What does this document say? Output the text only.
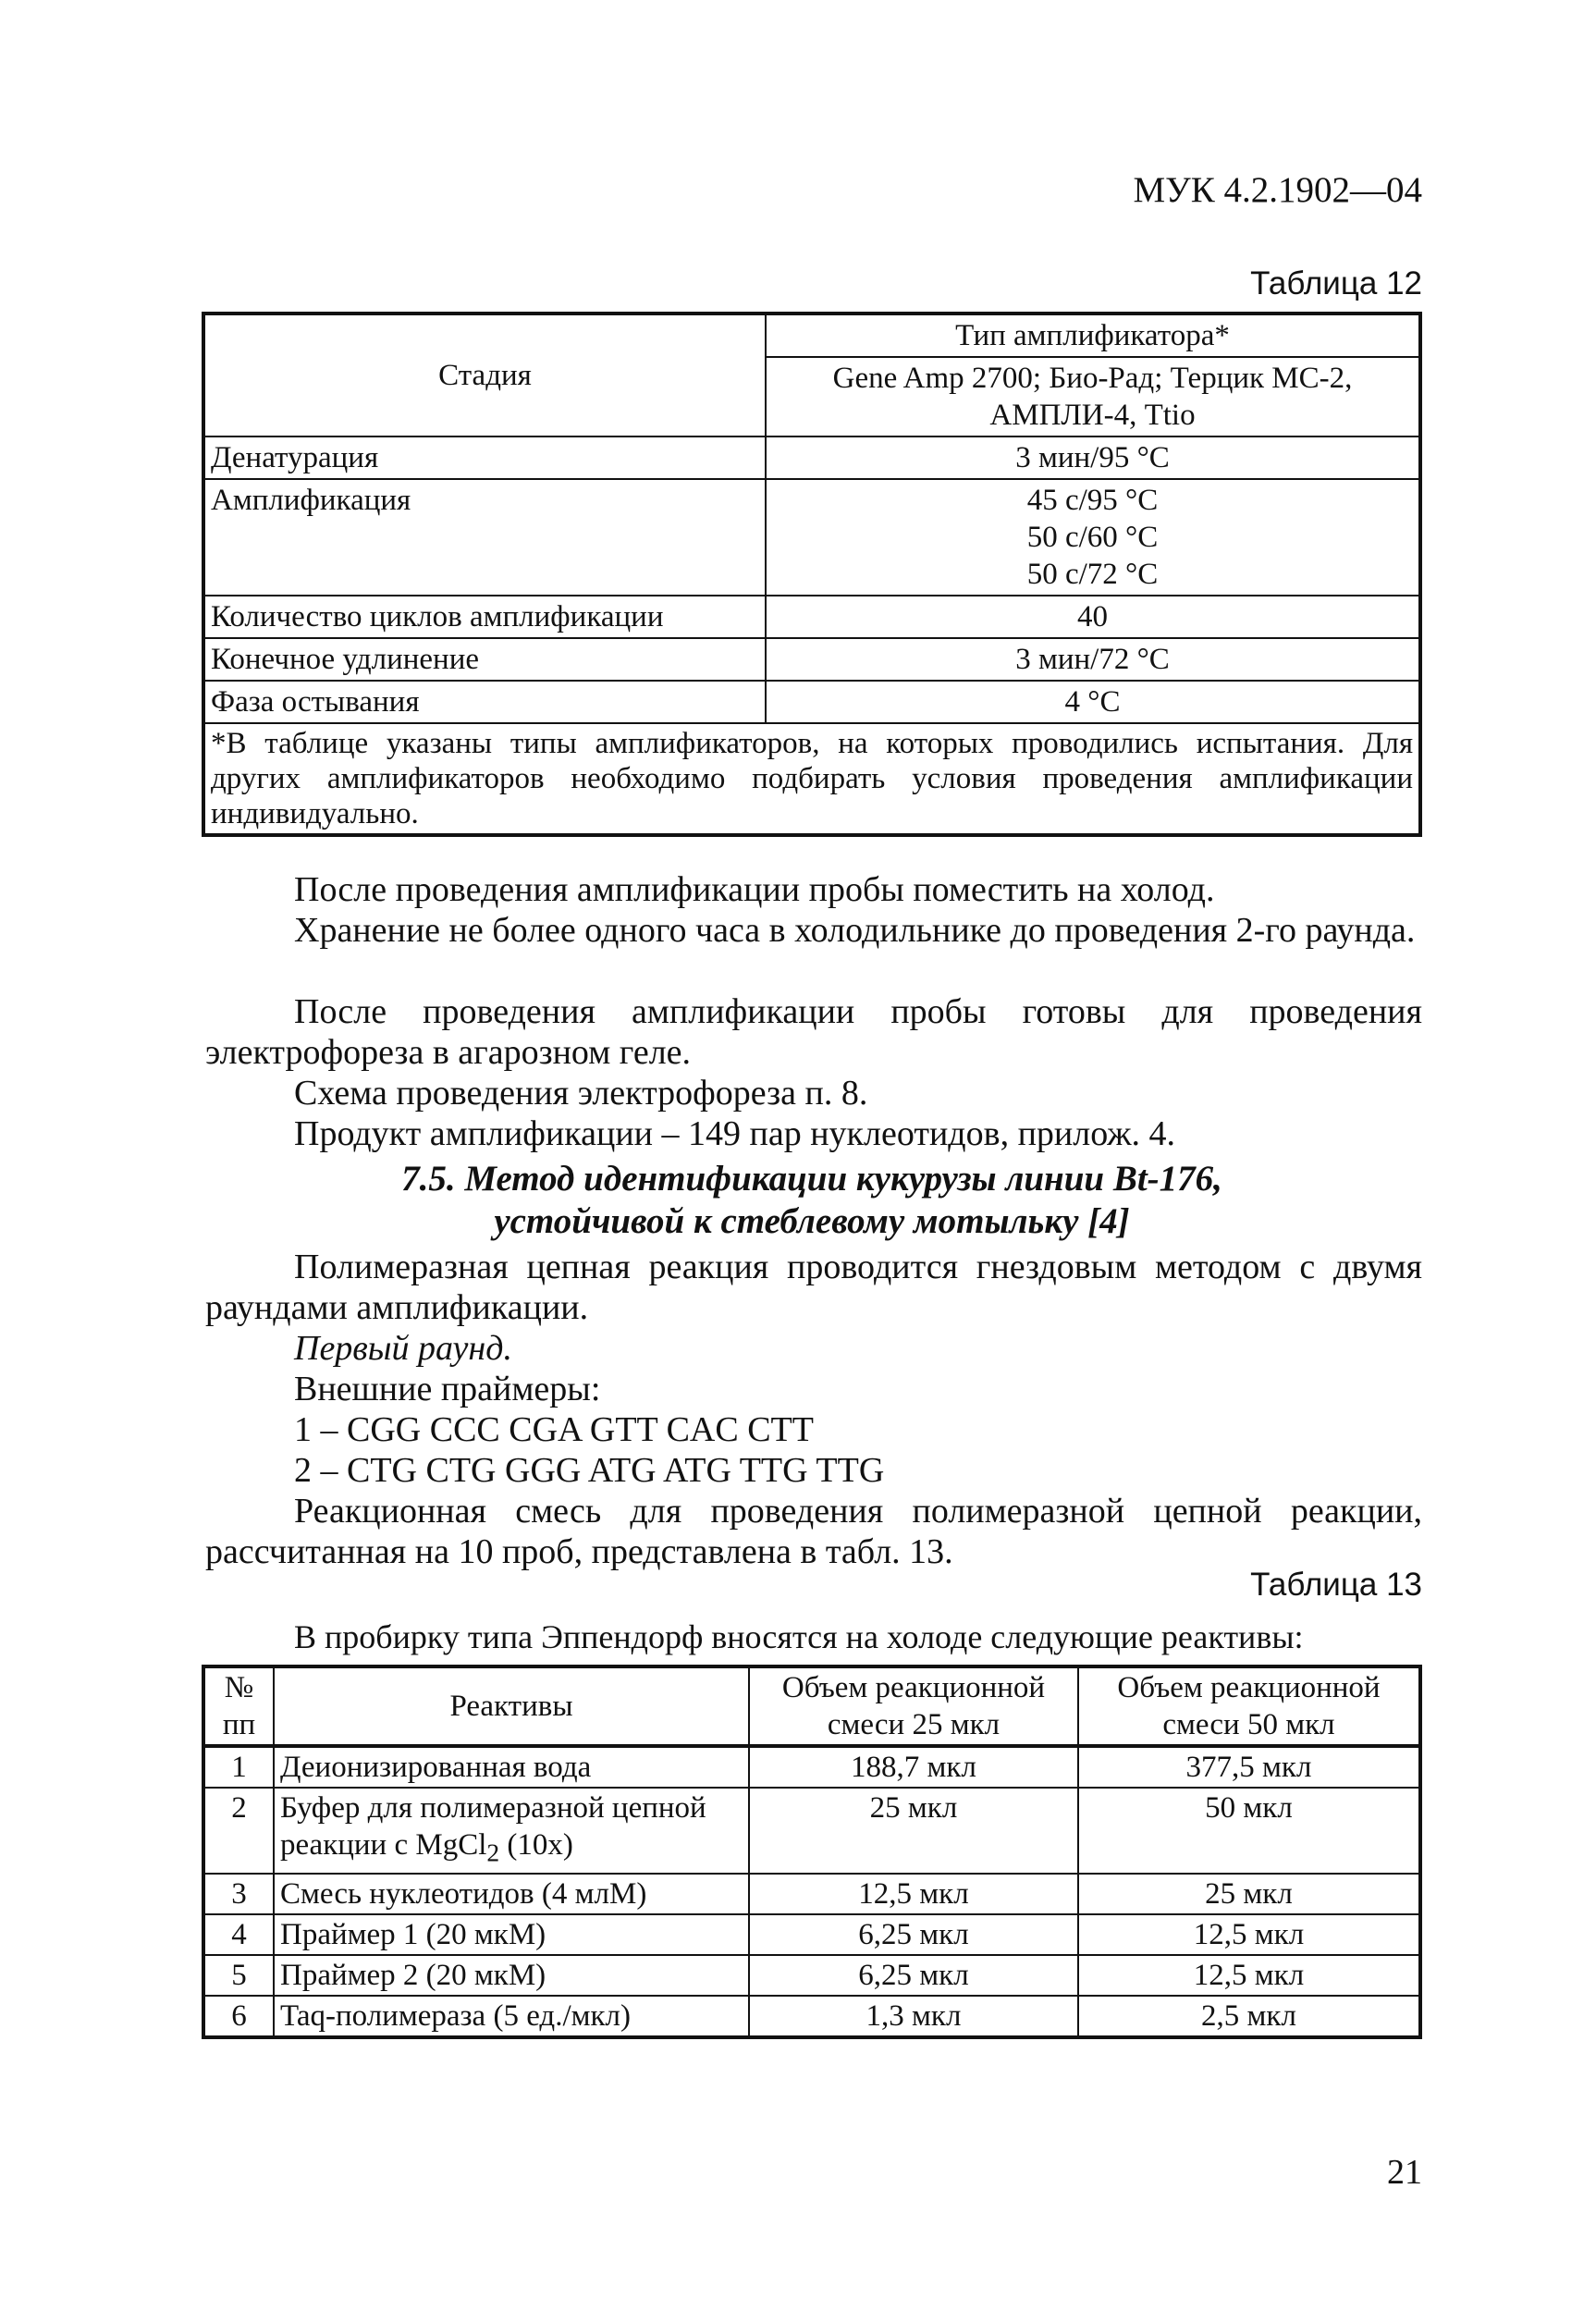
МУК 4.2.1902—04
Таблица 12
Стадия	Тип амплификатора*
	Gene Amp 2700; Био-Рад; Терцик МС-2, АМПЛИ-4, Ttio
Денатурация	3 мин/95 °С
Амплификация	45 с/95 °С
50 с/60 °С
50 с/72 °С

Количество циклов амплификации	40
Конечное удлинение	3 мин/72 °С
Фаза остывания	4 °С
*В таблице указаны типы амплификаторов, на которых проводились испытания. Для других амплификаторов необходимо подбирать условия проведения амплификации индивидуально.	
После проведения амплификации пробы поместить на холод.
Хранение не более одного часа в холодильнике до проведения 2-го раунда.
После проведения амплификации пробы готовы для проведения электрофореза в агарозном геле.
Схема проведения электрофореза п. 8.
Продукт амплификации – 149 пар нуклеотидов, прилож. 4.
7.5. Метод идентификации кукурузы линии Bt-176,
устойчивой к стеблевому мотыльку [4]
Полимеразная цепная реакция проводится гнездовым методом с двумя раундами амплификации.
Первый раунд.
Внешние праймеры:
1 – CGG CCC CGA GTT CAC CTT
2 – CTG CTG GGG ATG ATG TTG TTG
Реакционная смесь для проведения полимеразной цепной реакции, рассчитанная на 10 проб, представлена в табл. 13.
Таблица 13
В пробирку типа Эппендорф вносятся на холоде следующие реактивы:
№ пп	Реактивы	Объем реакционной смеси 25 мкл	Объем реакционной смеси 50 мкл
1	Деионизированная вода	188,7 мкл	377,5 мкл
2	Буфер для полимеразной цепной реакции с MgCl$_2$ (10х)	25 мкл	50 мкл
3	Смесь нуклеотидов (4 млМ)	12,5 мкл	25 мкл
4	Праймер 1 (20 мкМ)	6,25 мкл	12,5 мкл
5	Праймер 2 (20 мкМ)	6,25 мкл	12,5 мкл
6	Taq-полимераза (5 ед./мкл)	1,3 мкл	2,5 мкл
21
